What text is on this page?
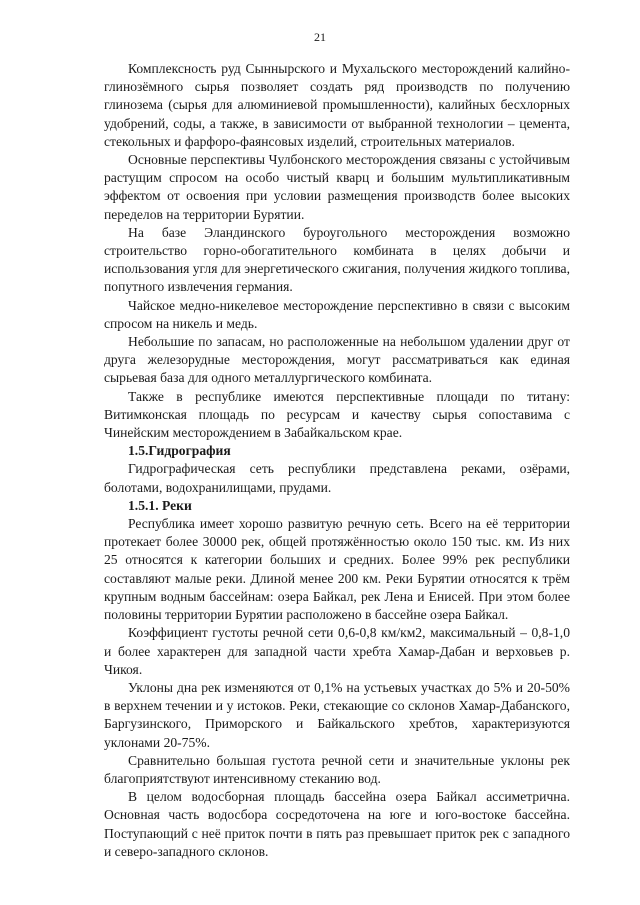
21

Комплексность руд Сыннырского и Мухальского месторождений калийно- глинозёмного сырья позволяет создать ряд производств по получению глинозема (сырья для алюминиевой промышленности), калийных бесхлорных удобрений, соды, а также, в зависимости от выбранной технологии – цемента, стекольных и фарфоро-фаянсовых изделий, строительных материалов.

Основные перспективы Чулбонского месторождения связаны с устойчивым растущим спросом на особо чистый кварц и большим мультипликативным эффектом от освоения при условии размещения производств более высоких переделов на территории Бурятии.

На базе Эландинского буроугольного месторождения возможно строительство горно-обогатительного комбината в целях добычи и использования угля для энергетического сжигания, получения жидкого топлива, попутного извлечения германия.

Чайское медно-никелевое месторождение перспективно в связи с высоким спросом на никель и медь.

Небольшие по запасам, но расположенные на небольшом удалении друг от друга железорудные месторождения, могут рассматриваться как единая сырьевая база для одного металлургического комбината.

Также в республике имеются перспективные площади по титану: Витимконская площадь по ресурсам и качеству сырья сопоставима с Чинейским месторождением в Забайкальском крае.

1.5.Гидрография

Гидрографическая сеть республики представлена реками, озёрами, болотами, водохранилищами, прудами.

1.5.1. Реки

Республика имеет хорошо развитую речную сеть. Всего на её территории протекает более 30000 рек, общей протяжённостью около 150 тыс. км. Из них 25 относятся к категории больших и средних. Более 99% рек республики составляют малые реки. Длиной менее 200 км. Реки Бурятии относятся к трём крупным водным бассейнам: озера Байкал, рек Лена и Енисей. При этом более половины территории Бурятии расположено в бассейне озера Байкал.

Коэффициент густоты речной сети 0,6-0,8 км/км2, максимальный – 0,8-1,0 и более характерен для западной части хребта Хамар-Дабан и верховьев р. Чикоя.

Уклоны дна рек изменяются от 0,1% на устьевых участках до 5% и 20-50% в верхнем течении и у истоков. Реки, стекающие со склонов Хамар-Дабанского, Баргузинского, Приморского и Байкальского хребтов, характеризуются уклонами 20-75%.

Сравнительно большая густота речной сети и значительные уклоны рек благоприятствуют интенсивному стеканию вод.

В целом водосборная площадь бассейна озера Байкал ассиметрична. Основная часть водосбора сосредоточена на юге и юго-востоке бассейна. Поступающий с неё приток почти в пять раз превышает приток рек с западного и северо-западного склонов.
